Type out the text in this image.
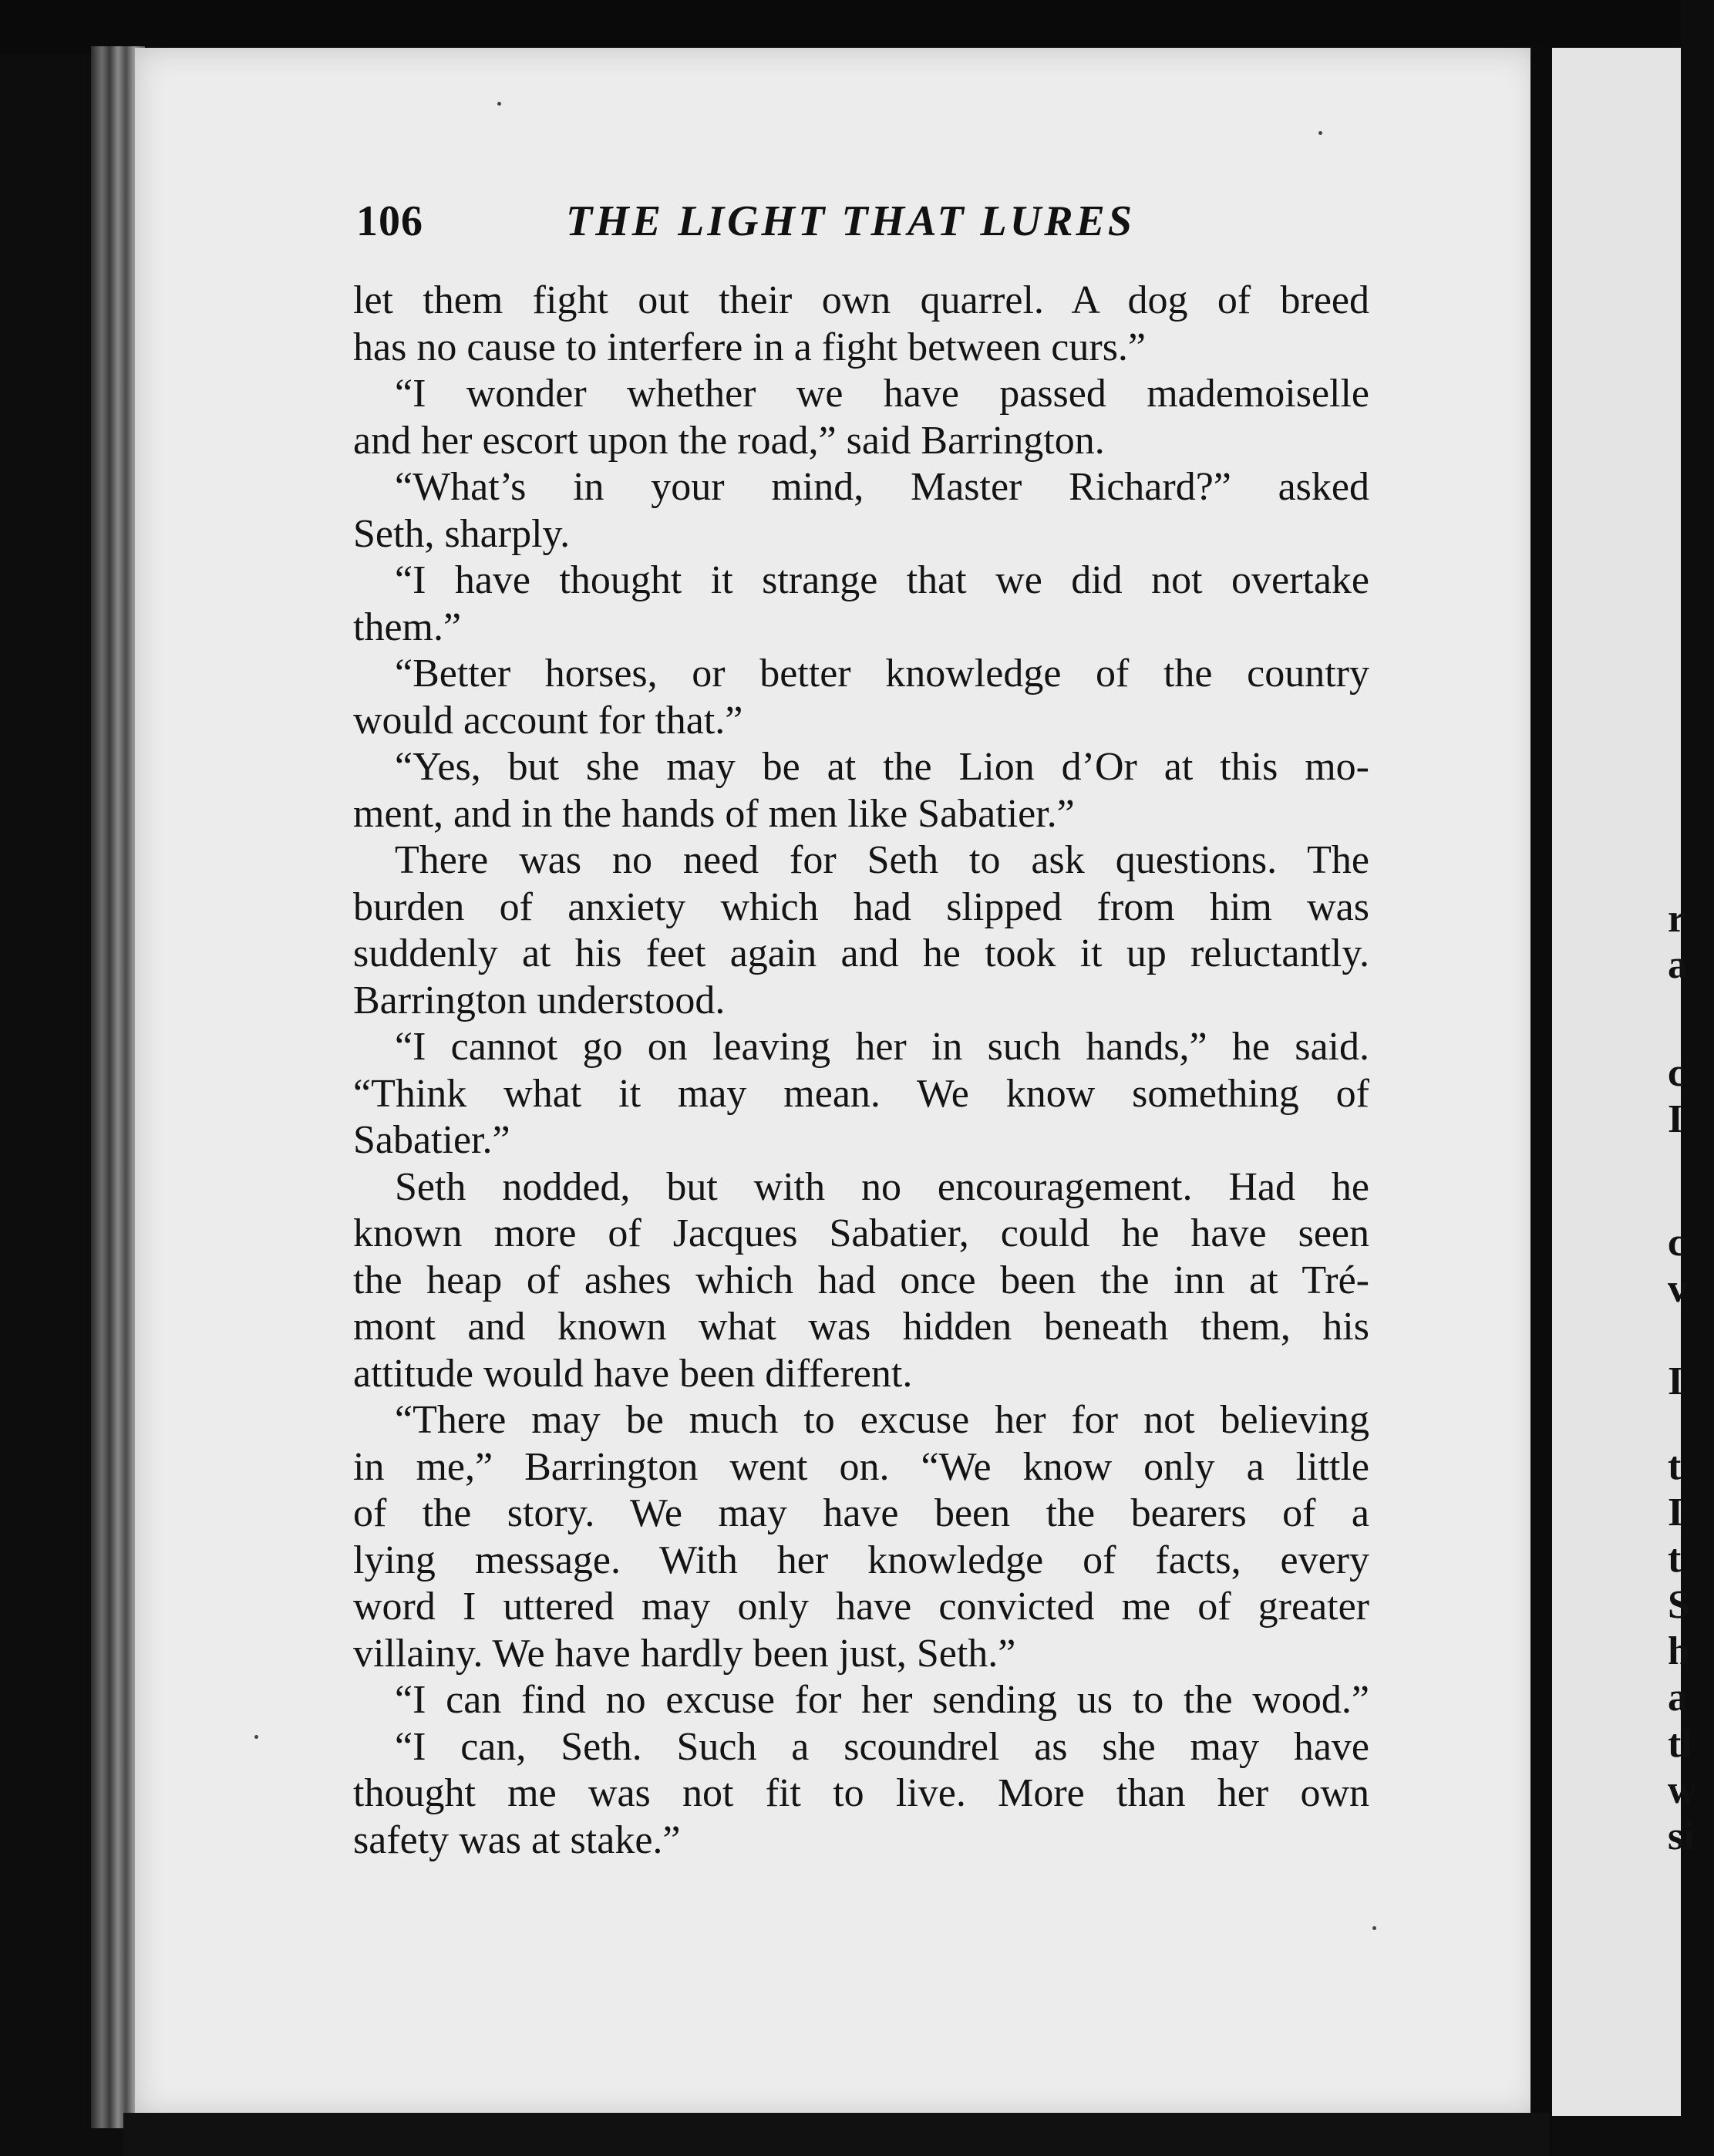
r
a
c
I
c
v
I
t
I
t
S
h
a
tl
w
si
106	THE LIGHT THAT LURES
let them fight out their own quarrel. A dog of breed
has no cause to interfere in a fight between curs.”
“I wonder whether we have passed mademoiselle
and her escort upon the road,” said Barrington.
“What’s in your mind, Master Richard?” asked
Seth, sharply.
“I have thought it strange that we did not overtake
them.”
“Better horses, or better knowledge of the country
would account for that.”
“Yes, but she may be at the Lion d’Or at this mo-
ment, and in the hands of men like Sabatier.”
There was no need for Seth to ask questions. The
burden of anxiety which had slipped from him was
suddenly at his feet again and he took it up reluctantly.
Barrington understood.
“I cannot go on leaving her in such hands,” he said.
“Think what it may mean. We know something of
Sabatier.”
Seth nodded, but with no encouragement. Had he
known more of Jacques Sabatier, could he have seen
the heap of ashes which had once been the inn at Tré-
mont and known what was hidden beneath them, his
attitude would have been different.
“There may be much to excuse her for not believing
in me,” Barrington went on. “We know only a little
of the story. We may have been the bearers of a
lying message. With her knowledge of facts, every
word I uttered may only have convicted me of greater
villainy. We have hardly been just, Seth.”
“I can find no excuse for her sending us to the wood.”
“I can, Seth. Such a scoundrel as she may have
thought me was not fit to live. More than her own
safety was at stake.”
